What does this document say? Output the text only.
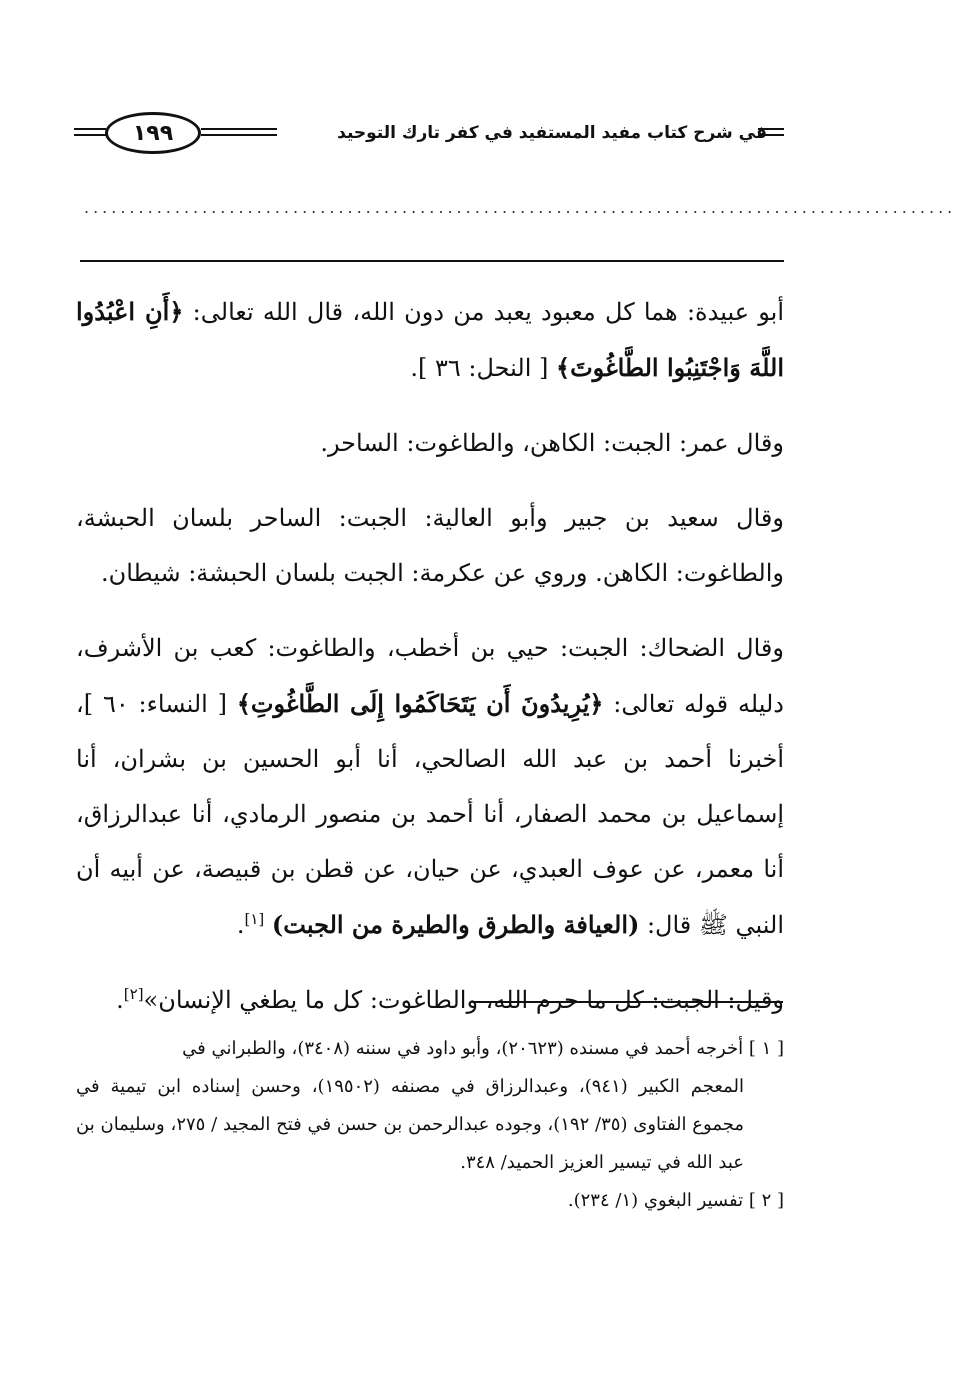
في شرح كتاب مفيد المستفيد في كفر تارك التوحيد
١٩٩
................................................................................................

أبو عبيدة: هما كل معبود يعبد من دون الله، قال الله تعالى: ﴿أَنِ اعْبُدُوا اللَّهَ وَاجْتَنِبُوا الطَّاغُوتَ﴾ [ النحل: ٣٦ ].

وقال عمر: الجبت: الكاهن، والطاغوت: الساحر.

وقال سعيد بن جبير وأبو العالية: الجبت: الساحر بلسان الحبشة، والطاغوت: الكاهن. وروي عن عكرمة: الجبت بلسان الحبشة: شيطان.

وقال الضحاك: الجبت: حيي بن أخطب، والطاغوت: كعب بن الأشرف، دليله قوله تعالى: ﴿يُرِيدُونَ أَن يَتَحَاكَمُوا إِلَى الطَّاغُوتِ﴾ [ النساء: ٦٠ ]، أخبرنا أحمد بن عبد الله الصالحي، أنا أبو الحسين بن بشران، أنا إسماعيل بن محمد الصفار، أنا أحمد بن منصور الرمادي، أنا عبدالرزاق، أنا معمر، عن عوف العبدي، عن حيان، عن قطن بن قبيصة، عن أبيه أن النبي ﷺ قال: (العيافة والطرق والطيرة من الجبت) [١].

وقيل: الجبت: كل ما حرم الله، والطاغوت: كل ما يطغي الإنسان»[٢].

[ ١ ] أخرجه أحمد في مسنده (٢٠٦٢٣)، وأبو داود في سننه (٣٤٠٨)، والطبراني في

المعجم الكبير (٩٤١)، وعبدالرزاق في مصنفه (١٩٥٠٢)، وحسن إسناده ابن تيمية في مجموع الفتاوى (٣٥/ ١٩٢)، وجوده عبدالرحمن بن حسن في فتح المجيد / ٢٧٥، وسليمان بن عبد الله في تيسير العزيز الحميد/ ٣٤٨.

[ ٢ ] تفسير البغوي (١/ ٢٣٤).
